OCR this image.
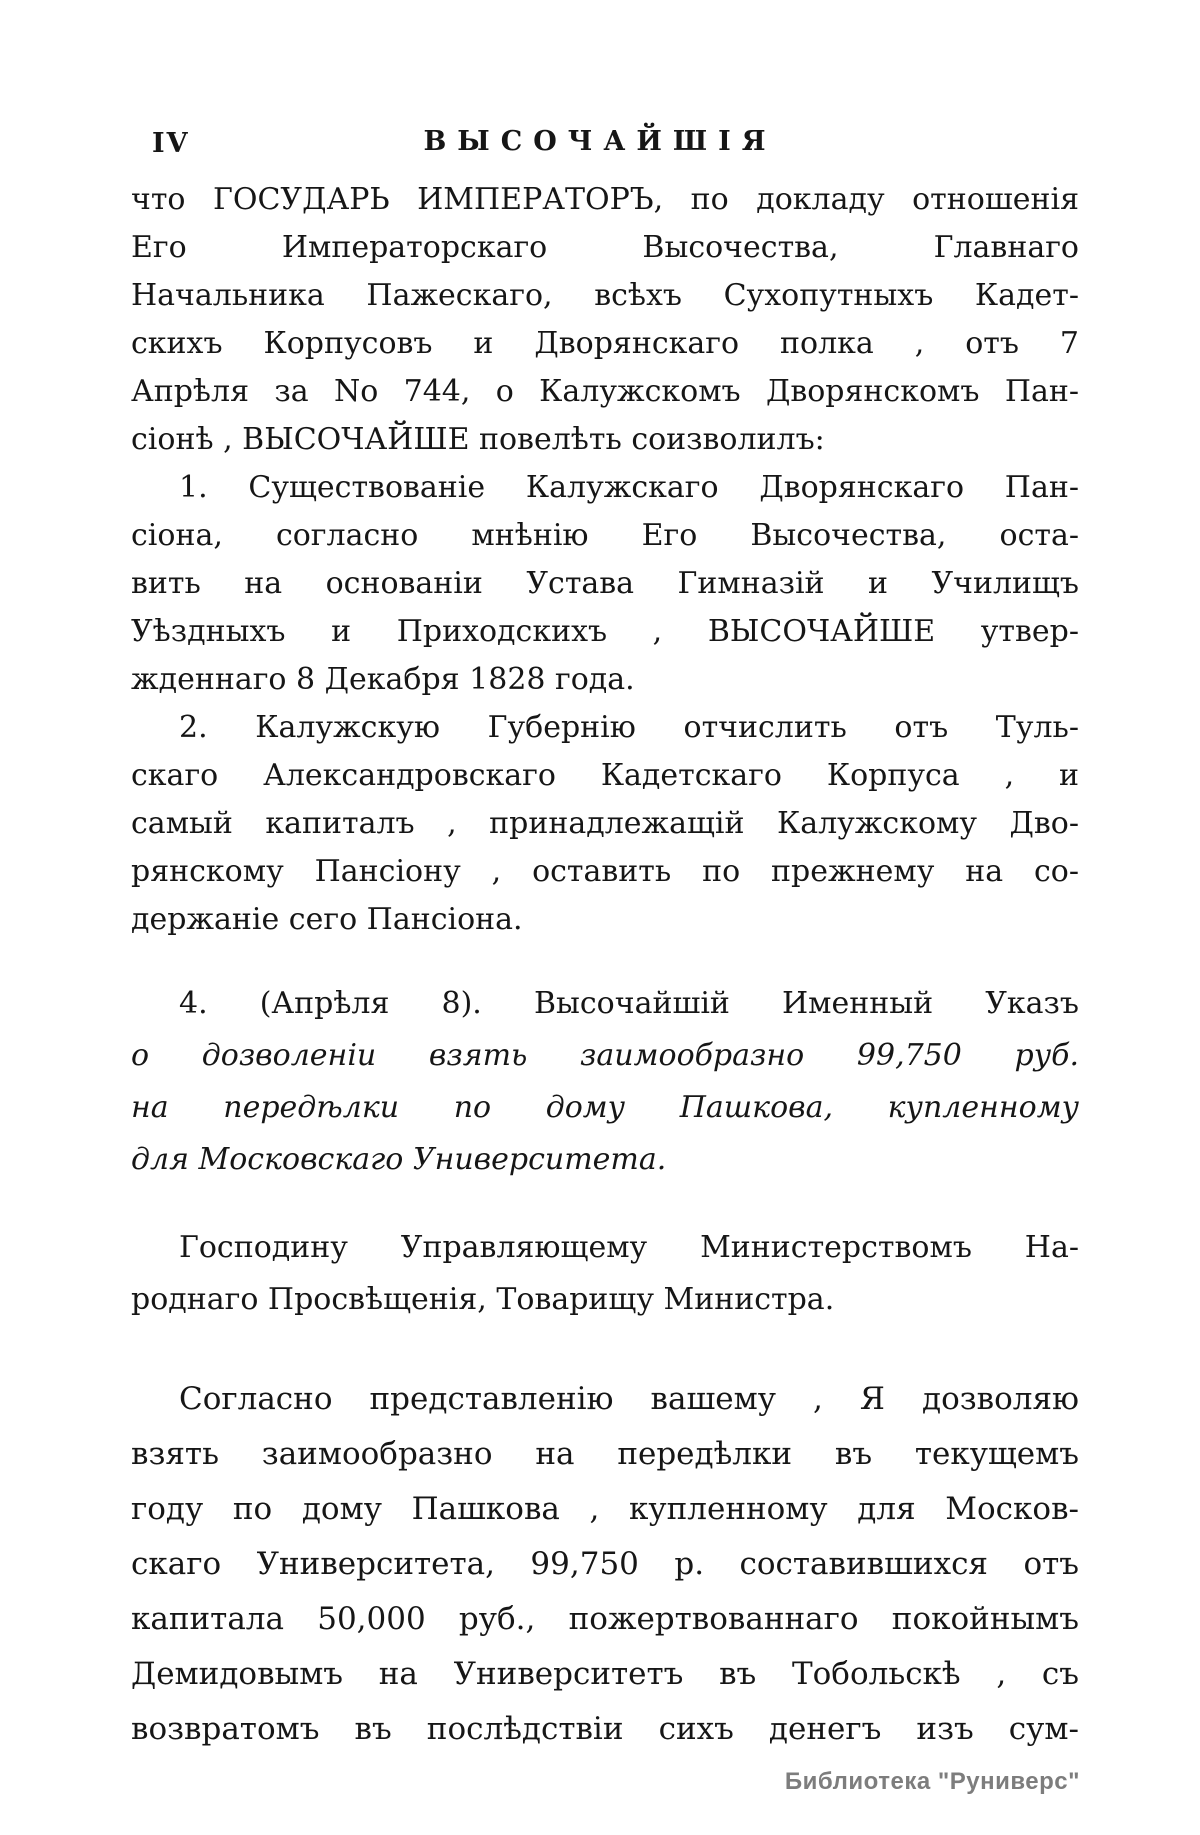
IV	ВЫСОЧАЙШІЯ
что ГОСУДАРЬ ИМПЕРАТОРЪ, по докладу отношенія
Его Императорскаго Высочества, Главнаго
Начальника Пажескаго, всѣхъ Сухопутныхъ Кадет-
скихъ Корпусовъ и Дворянскаго полка , отъ 7
Апрѣля за No 744, о Калужскомъ Дворянскомъ Пан-
сіонѣ , ВЫСОЧАЙШЕ повелѣть соизволилъ:
1. Существованіе Калужскаго Дворянскаго Пан-
сіона, согласно мнѣнію Его Высочества, оста-
вить на основаніи Устава Гимназій и Училищъ
Уѣздныхъ и Приходскихъ , ВЫСОЧАЙШЕ утвер-
жденнаго 8 Декабря 1828 года.
2. Калужскую Губернію отчислить отъ Туль-
скаго Александровскаго Кадетскаго Корпуса , и
самый капиталъ , принадлежащій Калужскому Дво-
рянскому Пансіону , оставить по прежнему на со-
держаніе сего Пансіона.
4. (Апрѣля 8). Высочайшій Именный Указъ
о дозволеніи взять заимообразно 99,750 руб.
на передѣлки по дому Пашкова, купленному
для Московскаго Университета.
Господину Управляющему Министерствомъ На-
роднаго Просвѣщенія, Товарищу Министра.
Согласно представленію вашему , Я дозволяю
взять заимообразно на передѣлки въ текущемъ
году по дому Пашкова , купленному для Москов-
скаго Университета, 99,750 р. составившихся отъ
капитала 50,000 руб., пожертвованнаго покойнымъ
Демидовымъ на Университетъ въ Тобольскѣ , съ
возвратомъ въ послѣдствіи сихъ денегъ изъ сум-
Библиотека "Руниверс"
